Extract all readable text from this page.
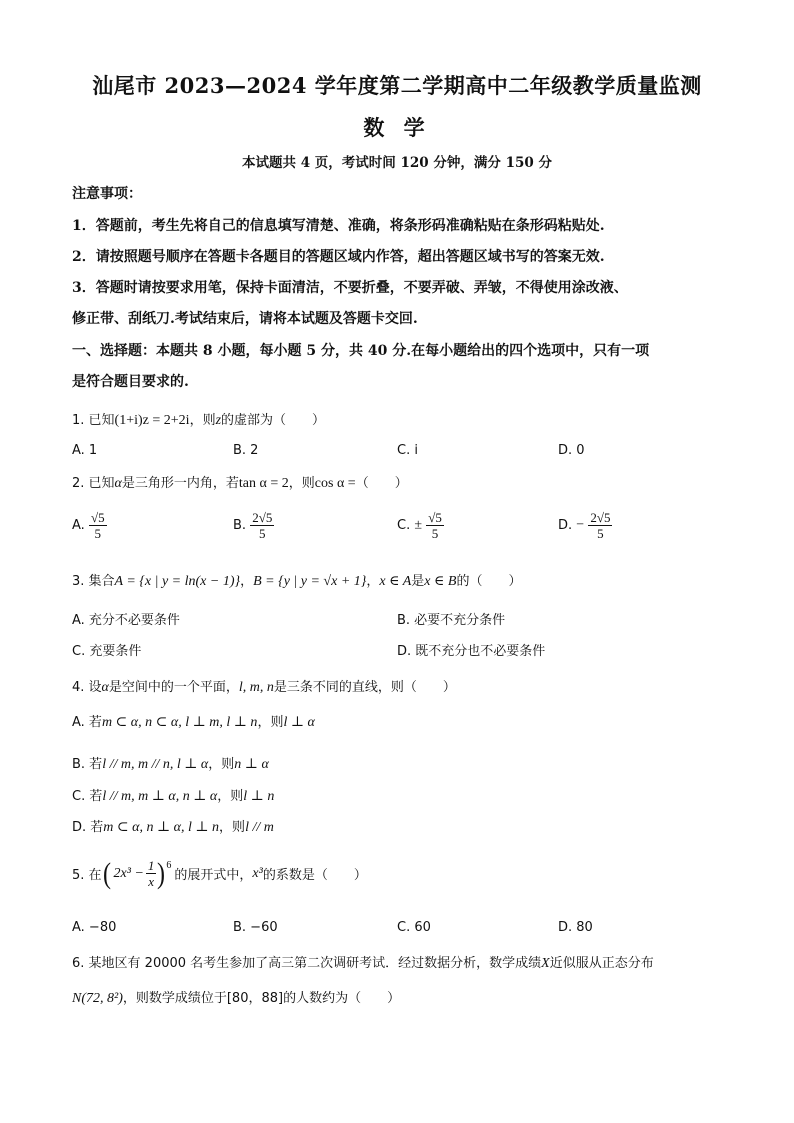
汕尾市 2023—2024 学年度第二学期高中二年级教学质量监测
数 学
本试题共 4 页，考试时间 120 分钟，满分 150 分
注意事项：
1．答题前，考生先将自己的信息填写清楚、准确，将条形码准确粘贴在条形码粘贴处.
2．请按照题号顺序在答题卡各题目的答题区域内作答，超出答题区域书写的答案无效.
3．答题时请按要求用笔，保持卡面清洁，不要折叠，不要弄破、弄皱，不得使用涂改液、
修正带、刮纸刀.考试结束后，请将本试题及答题卡交回.
一、选择题：本题共 8 小题，每小题 5 分，共 40 分.在每小题给出的四个选项中，只有一项
是符合题目要求的.
1. 已知(1+i)z = 2+2i，则z的虚部为（　　）
A. 1	B. 2	C. i	D. 0
2. 已知α是三角形一内角，若tan α = 2，则cos α =（　　）
A. $\frac{√5}{5}$	B. $\frac{2√5}{5}$	C. ± $\frac{√5}{5}$	D. − $\frac{2√5}{5}$
3. 集合A = {x | y = ln(x − 1)}，B = {y | y = √x + 1}，x ∈ A是x ∈ B的（　　）
A. 充分不必要条件	B. 必要不充分条件
C. 充要条件	D. 既不充分也不必要条件
4. 设α是空间中的一个平面，l, m, n是三条不同的直线，则（　　）
A. 若m ⊂ α, n ⊂ α, l ⊥ m, l ⊥ n，则l ⊥ α
B. 若l // m, m // n, l ⊥ α，则n ⊥ α
C. 若l // m, m ⊥ α, n ⊥ α，则l ⊥ n
D. 若m ⊂ α, n ⊥ α, l ⊥ n，则l // m
5. 在 ( $2x^3 - \frac{1}{x}$ ) 6
的展开式中， x³ 的系数是（　　）
A. −80	B. −60	C. 60	D. 80
6. 某地区有 20000 名考生参加了高三第二次调研考试．经过数据分析，数学成绩X近似服从正态分布
N(72, 8²)，则数学成绩位于[80，88]的人数约为（　　）
